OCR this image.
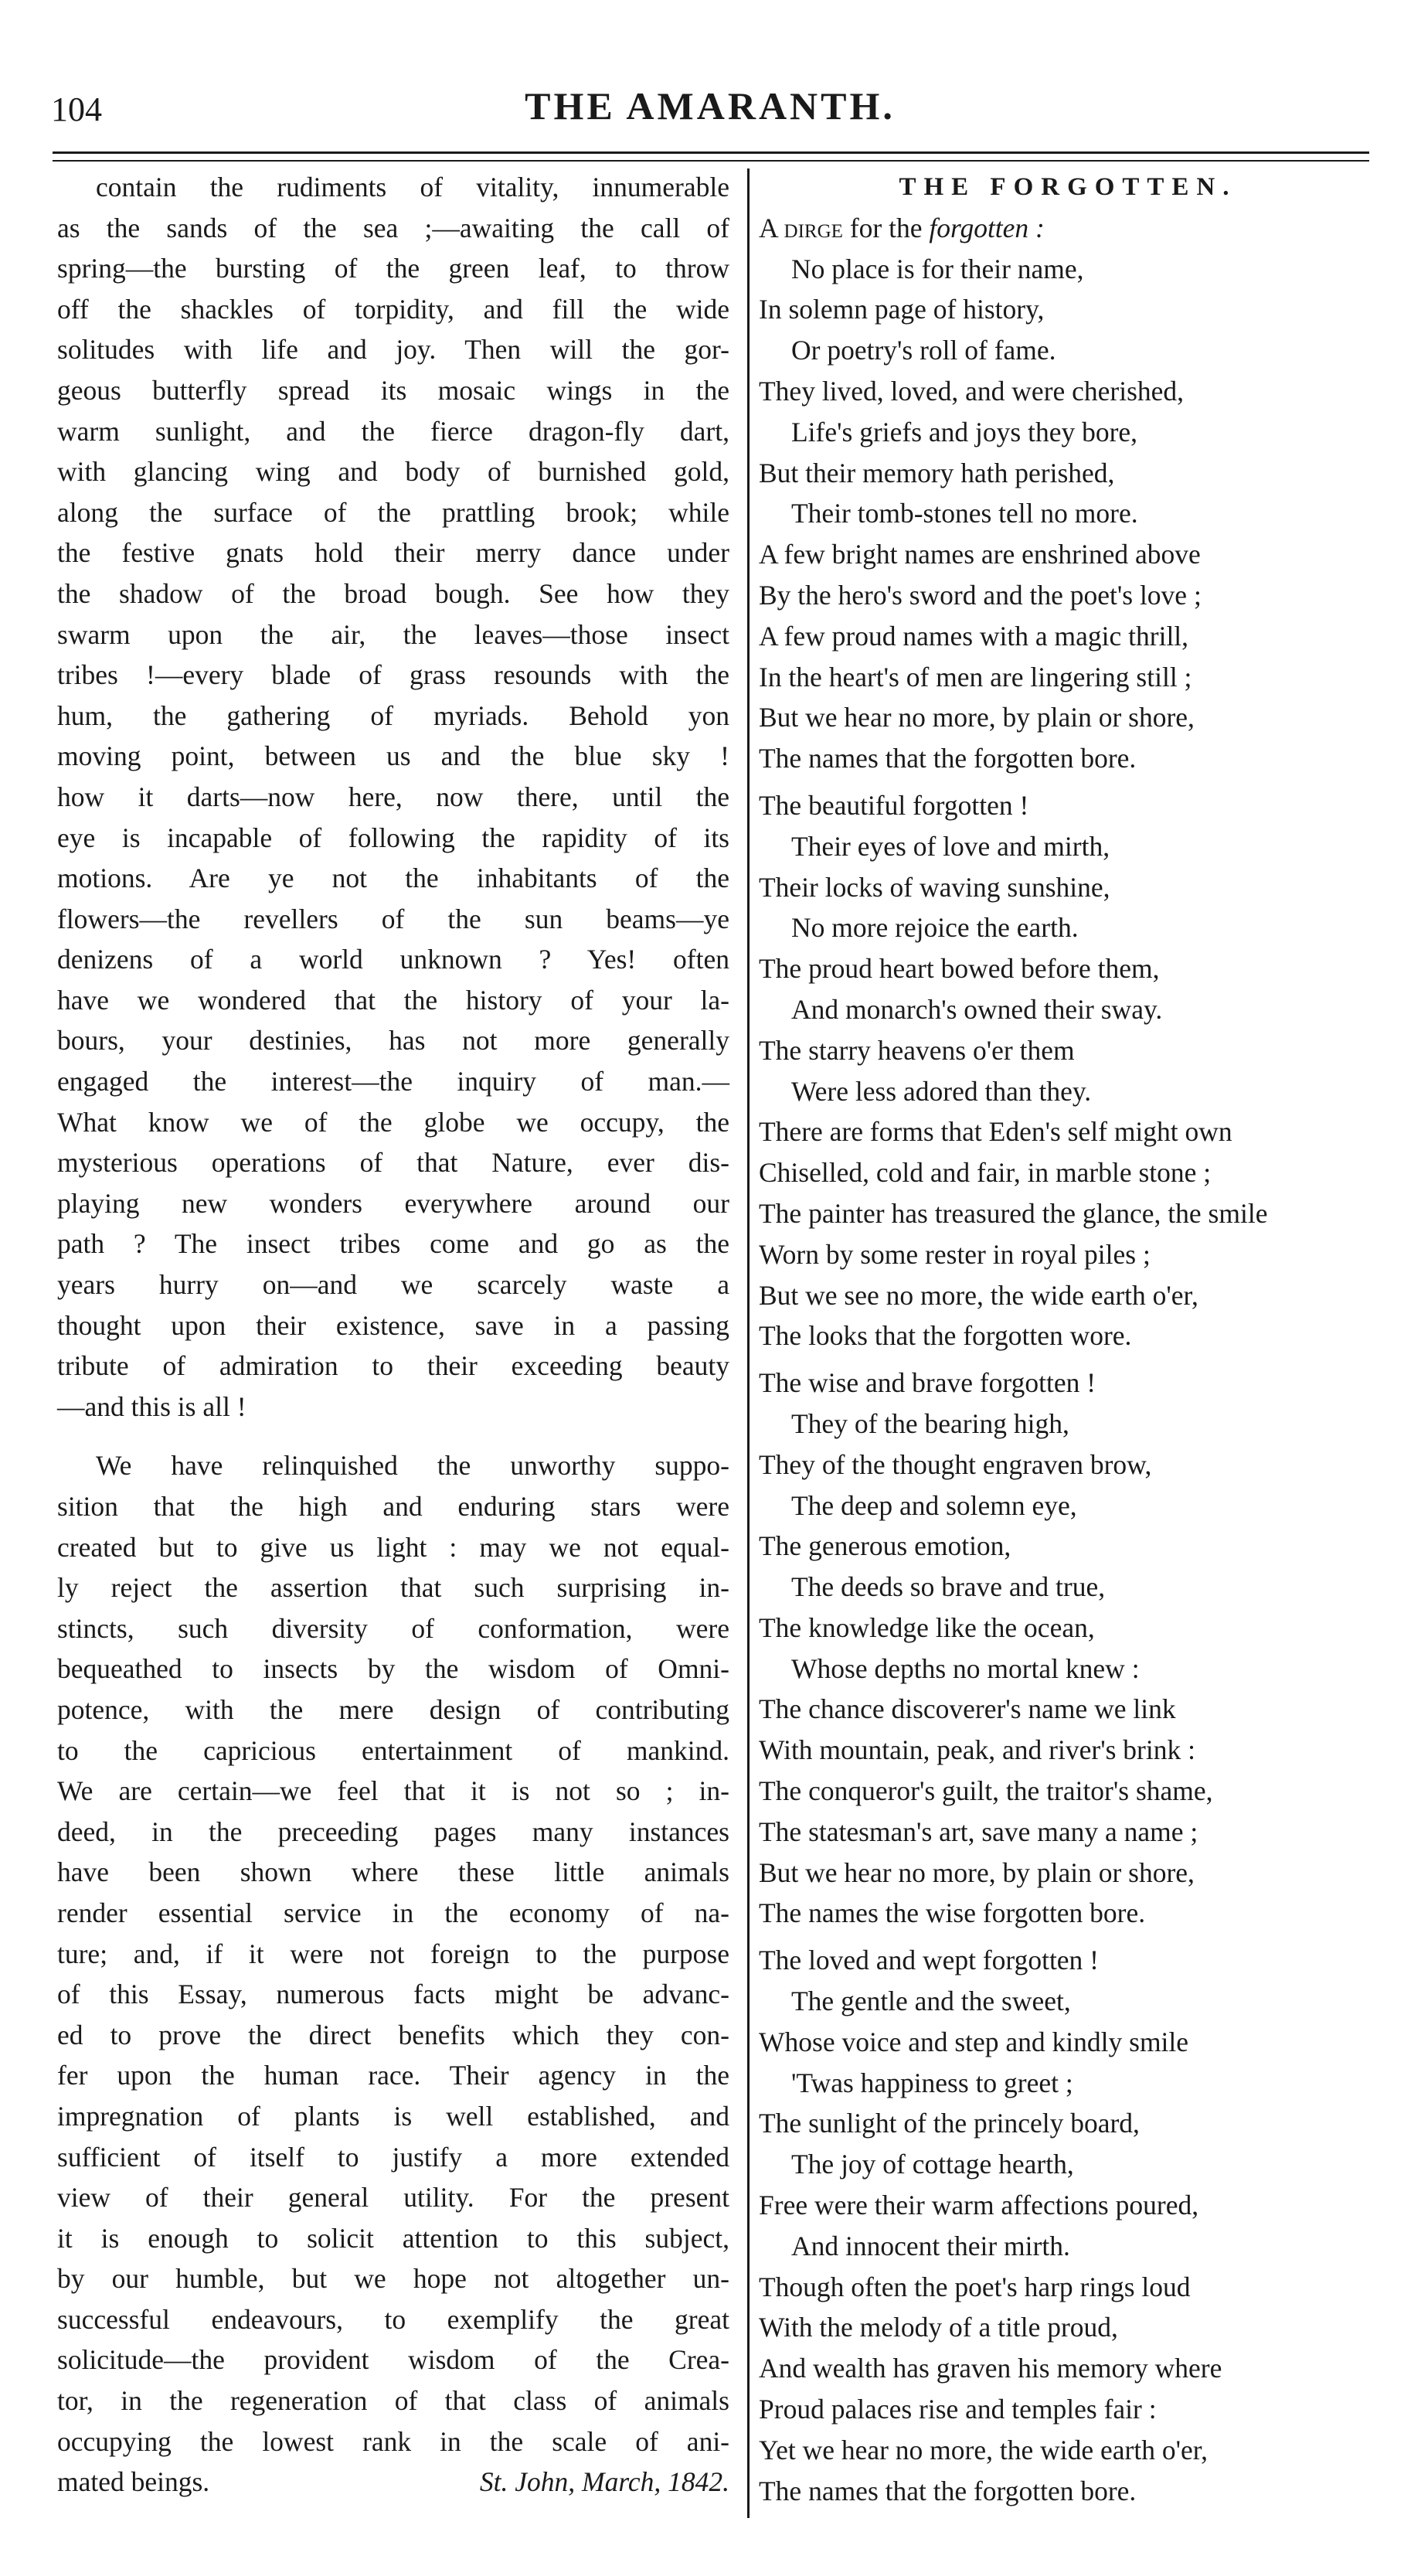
104	THE AMARANTH.
contain the rudiments of vitality, innumerable
as the sands of the sea ;—awaiting the call of
spring—the bursting of the green leaf, to throw
off the shackles of torpidity, and fill the wide
solitudes with life and joy. Then will the gor-
geous butterfly spread its mosaic wings in the
warm sunlight, and the fierce dragon-fly dart,
with glancing wing and body of burnished gold,
along the surface of the prattling brook; while
the festive gnats hold their merry dance under
the shadow of the broad bough. See how they
swarm upon the air, the leaves—those insect
tribes !—every blade of grass resounds with the
hum, the gathering of myriads. Behold yon
moving point, between us and the blue sky !
how it darts—now here, now there, until the
eye is incapable of following the rapidity of its
motions. Are ye not the inhabitants of the
flowers—the revellers of the sun beams—ye
denizens of a world unknown ? Yes! often
have we wondered that the history of your la-
bours, your destinies, has not more generally
engaged the interest—the inquiry of man.—
What know we of the globe we occupy, the
mysterious operations of that Nature, ever dis-
playing new wonders everywhere around our
path ? The insect tribes come and go as the
years hurry on—and we scarcely waste a
thought upon their existence, save in a passing
tribute of admiration to their exceeding beauty
—and this is all !
We have relinquished the unworthy suppo-
sition that the high and enduring stars were
created but to give us light : may we not equal-
ly reject the assertion that such surprising in-
stincts, such diversity of conformation, were
bequeathed to insects by the wisdom of Omni-
potence, with the mere design of contributing
to the capricious entertainment of mankind.
We are certain—we feel that it is not so ; in-
deed, in the preceeding pages many instances
have been shown where these little animals
render essential service in the economy of na-
ture; and, if it were not foreign to the purpose
of this Essay, numerous facts might be advanc-
ed to prove the direct benefits which they con-
fer upon the human race. Their agency in the
impregnation of plants is well established, and
sufficient of itself to justify a more extended
view of their general utility. For the present
it is enough to solicit attention to this subject,
by our humble, but we hope not altogether un-
successful endeavours, to exemplify the great
solicitude—the provident wisdom of the Crea-
tor, in the regeneration of that class of animals
occupying the lowest rank in the scale of ani-
mated beings.	St. John, March, 1842.
THE FORGOTTEN.
A dirge for the forgotten :
No place is for their name,
In solemn page of history,
Or poetry's roll of fame.
They lived, loved, and were cherished,
Life's griefs and joys they bore,
But their memory hath perished,
Their tomb-stones tell no more.
A few bright names are enshrined above
By the hero's sword and the poet's love ;
A few proud names with a magic thrill,
In the heart's of men are lingering still ;
But we hear no more, by plain or shore,
The names that the forgotten bore.
The beautiful forgotten !
Their eyes of love and mirth,
Their locks of waving sunshine,
No more rejoice the earth.
The proud heart bowed before them,
And monarch's owned their sway.
The starry heavens o'er them
Were less adored than they.
There are forms that Eden's self might own
Chiselled, cold and fair, in marble stone ;
The painter has treasured the glance, the smile
Worn by some rester in royal piles ;
But we see no more, the wide earth o'er,
The looks that the forgotten wore.
The wise and brave forgotten !
They of the bearing high,
They of the thought engraven brow,
The deep and solemn eye,
The generous emotion,
The deeds so brave and true,
The knowledge like the ocean,
Whose depths no mortal knew :
The chance discoverer's name we link
With mountain, peak, and river's brink :
The conqueror's guilt, the traitor's shame,
The statesman's art, save many a name ;
But we hear no more, by plain or shore,
The names the wise forgotten bore.
The loved and wept forgotten !
The gentle and the sweet,
Whose voice and step and kindly smile
'Twas happiness to greet ;
The sunlight of the princely board,
The joy of cottage hearth,
Free were their warm affections poured,
And innocent their mirth.
Though often the poet's harp rings loud
With the melody of a title proud,
And wealth has graven his memory where
Proud palaces rise and temples fair :
Yet we hear no more, the wide earth o'er,
The names that the forgotten bore.
